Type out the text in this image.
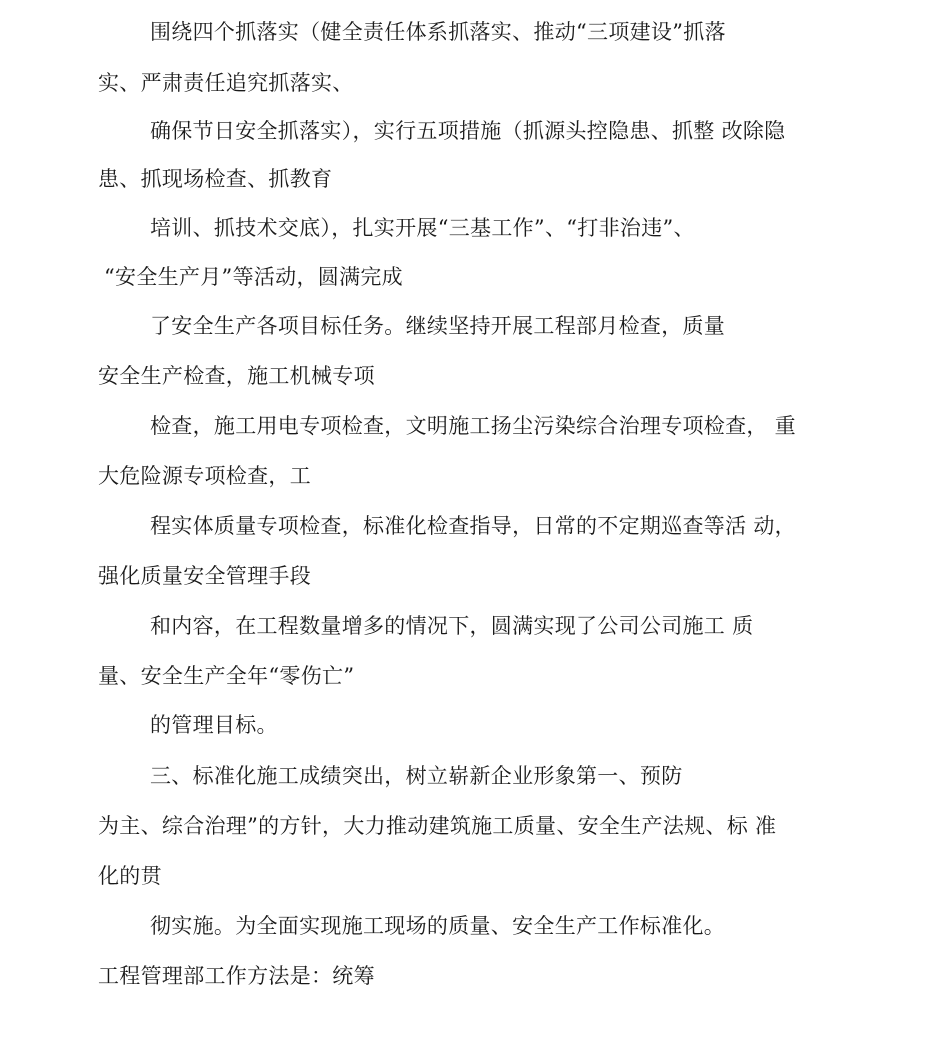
围绕四个抓落实（健全责任体系抓落实、推动“三项建设”抓落
实、严肃责任追究抓落实、
确保节日安全抓落实），实行五项措施（抓源头控隐患、抓整 改除隐
患、抓现场检查、抓教育
培训、抓技术交底），扎实开展“三基工作”、“打非治违”、
“安全生产月”等活动，圆满完成
了安全生产各项目标任务。继续坚持开展工程部月检查，质量
安全生产检查，施工机械专项
检查，施工用电专项检查，文明施工扬尘污染综合治理专项检查， 重
大危险源专项检查，工
程实体质量专项检查，标准化检查指导，日常的不定期巡查等活 动，
强化质量安全管理手段
和内容，在工程数量增多的情况下，圆满实现了公司公司施工 质
量、安全生产全年“零伤亡”
的管理目标。
三、标准化施工成绩突出，树立崭新企业形象第一、预防
为主、综合治理”的方针，大力推动建筑施工质量、安全生产法规、标 准
化的贯
彻实施。为全面实现施工现场的质量、安全生产工作标准化。
工程管理部工作方法是：统筹
